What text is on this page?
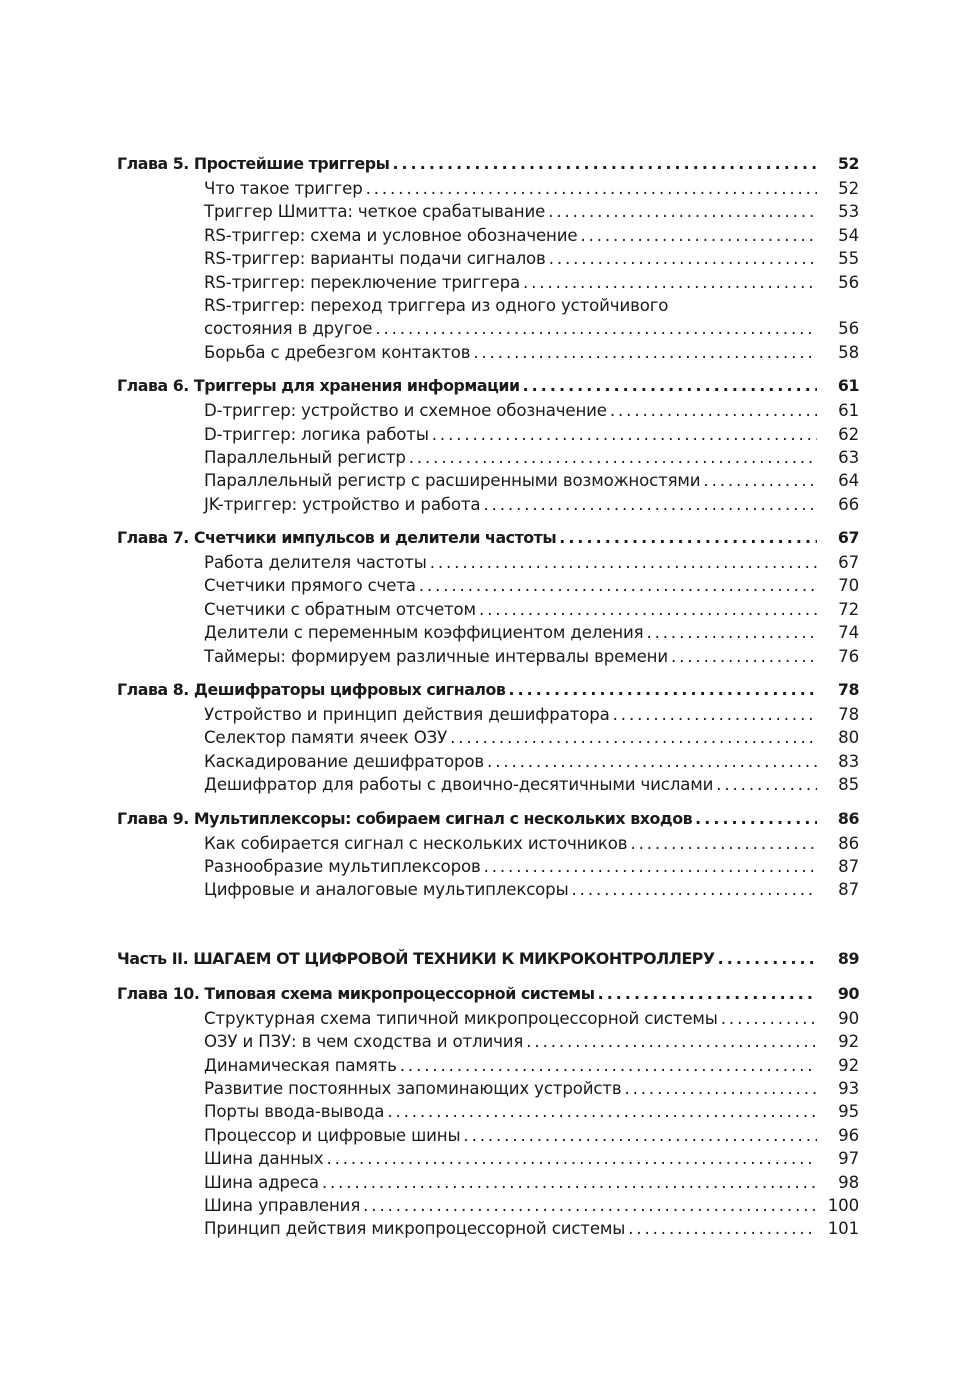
Глава 5. Простейшие триггеры . . .	52
Что такое триггер . . .	52
Триггер Шмитта: четкое срабатывание . . .	53
RS-триггер: схема и условное обозначение . . .	54
RS-триггер: варианты подачи сигналов . . .	55
RS-триггер: переключение триггера . . .	56
RS-триггер: переход триггера из одного устойчивого
состояния в другое . . .	56
Борьба с дребезгом контактов . . .	58
Глава 6. Триггеры для хранения информации . . .	61
D-триггер: устройство и схемное обозначение . . .	61
D-триггер: логика работы . . .	62
Параллельный регистр . . .	63
Параллельный регистр с расширенными возможностями . . .	64
JK-триггер: устройство и работа . . .	66
Глава 7. Счетчики импульсов и делители частоты . . .	67
Работа делителя частоты . . .	67
Счетчики прямого счета . . .	70
Счетчики с обратным отсчетом . . .	72
Делители с переменным коэффициентом деления . . .	74
Таймеры: формируем различные интервалы времени . . .	76
Глава 8. Дешифраторы цифровых сигналов . . .	78
Устройство и принцип действия дешифратора . . .	78
Селектор памяти ячеек ОЗУ . . .	80
Каскадирование дешифраторов . . .	83
Дешифратор для работы с двоично-десятичными числами . . .	85
Глава 9. Мультиплексоры: собираем сигнал с нескольких входов . . .	86
Как собирается сигнал с нескольких источников . . .	86
Разнообразие мультиплексоров . . .	87
Цифровые и аналоговые мультиплексоры . . .	87
Часть II. ШАГАЕМ ОТ ЦИФРОВОЙ ТЕХНИКИ К МИКРОКОНТРОЛЛЕРУ . . .	89
Глава 10. Типовая схема микропроцессорной системы . . .	90
Структурная схема типичной микропроцессорной системы . . .	90
ОЗУ и ПЗУ: в чем сходства и отличия . . .	92
Динамическая память . . .	92
Развитие постоянных запоминающих устройств . . .	93
Порты ввода-вывода . . .	95
Процессор и цифровые шины . . .	96
Шина данных . . .	97
Шина адреса . . .	98
Шина управления . . .	100
Принцип действия микропроцессорной системы . . .	101
